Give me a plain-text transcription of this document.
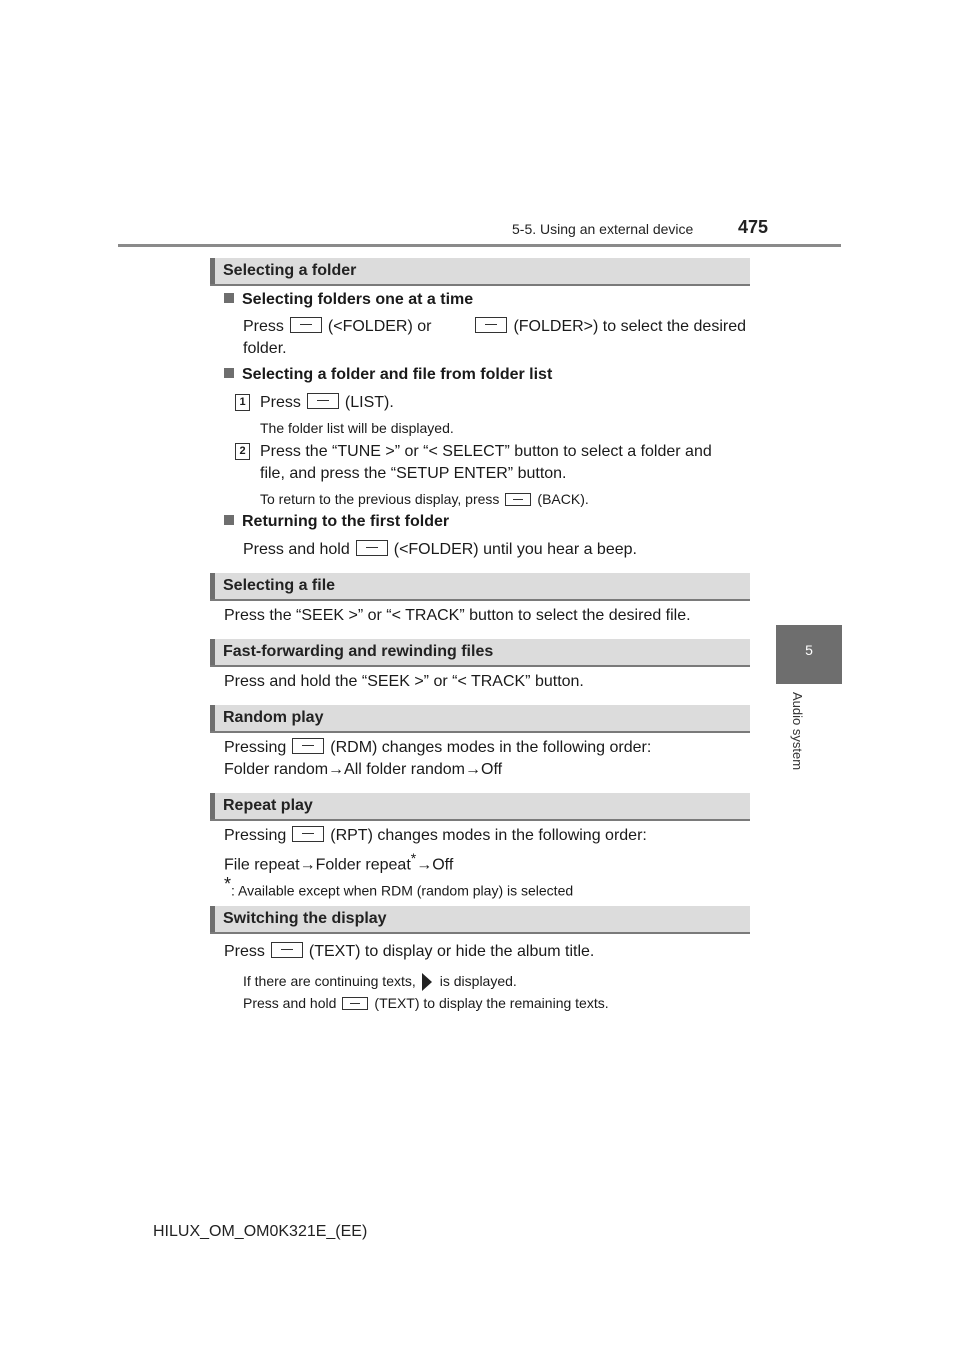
5-5. Using an external device 475
5
Audio system
Selecting a folder
Selecting folders one at a time
Press	(<FOLDER) or	(FOLDER>) to select the desired
folder.
Selecting a folder and file from folder list
1 Press	(LIST).
The folder list will be displayed.
2 Press the “TUNE >” or “< SELECT” button to select a folder and
file, and press the “SETUP ENTER” button.
To return to the previous display, press	(BACK).
Returning to the first folder
Press and hold	(<FOLDER) until you hear a beep.
Selecting a file
Press the “SEEK >” or “< TRACK” button to select the desired file.
Fast-forwarding and rewinding files
Press and hold the “SEEK >” or “< TRACK” button.
Random play
Pressing	(RDM) changes modes in the following order:
Folder random→All folder random→Off
Repeat play
Pressing	(RPT) changes modes in the following order:
File repeat→Folder repeat*→Off
*: Available except when RDM (random play) is selected
Switching the display
Press	(TEXT) to display or hide the album title.
If there are continuing texts, is displayed.
Press and hold	(TEXT) to display the remaining texts.
HILUX_OM_OM0K321E_(EE)
